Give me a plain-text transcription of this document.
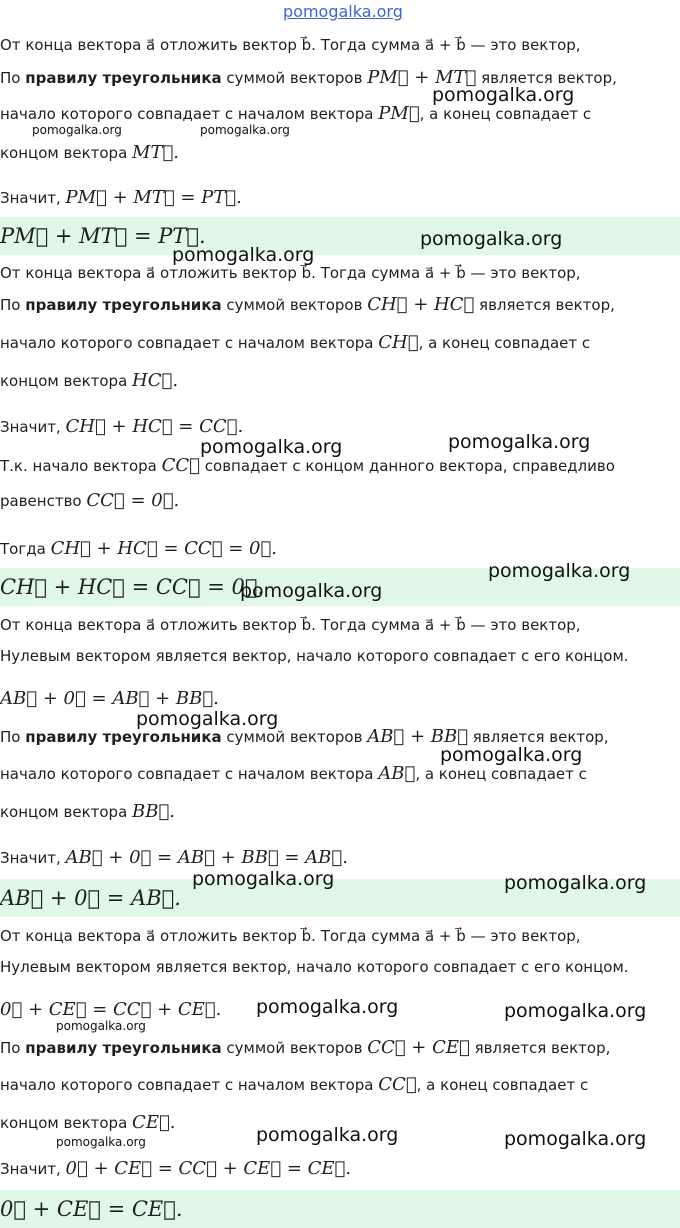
От конца вектора a⃗ отложить вектор b⃗. Тогда сумма a⃗ + b⃗ — это вектор,
По правилу треугольника суммой векторов PM⃗ + MT⃗ является вектор,
начало которого совпадает с началом вектора PM⃗, а конец совпадает с
концом вектора MT⃗.
Значит, PM⃗ + MT⃗ = PT⃗.
PM⃗ + MT⃗ = PT⃗.
От конца вектора a⃗ отложить вектор b⃗. Тогда сумма a⃗ + b⃗ — это вектор,
По правилу треугольника суммой векторов CH⃗ + HC⃗ является вектор,
начало которого совпадает с началом вектора CH⃗, а конец совпадает с
концом вектора HC⃗.
Значит, CH⃗ + HC⃗ = CC⃗.
Т.к. начало вектора CC⃗ совпадает с концом данного вектора, справедливо
равенство CC⃗ = 0⃗.
Тогда CH⃗ + HC⃗ = CC⃗ = 0⃗.
CH⃗ + HC⃗ = CC⃗ = 0⃗.
От конца вектора a⃗ отложить вектор b⃗. Тогда сумма a⃗ + b⃗ — это вектор,
Нулевым вектором является вектор, начало которого совпадает с его концом.
AB⃗ + 0⃗ = AB⃗ + BB⃗.
По правилу треугольника суммой векторов AB⃗ + BB⃗ является вектор,
начало которого совпадает с началом вектора AB⃗, а конец совпадает с
концом вектора BB⃗.
Значит, AB⃗ + 0⃗ = AB⃗ + BB⃗ = AB⃗.
AB⃗ + 0⃗ = AB⃗.
От конца вектора a⃗ отложить вектор b⃗. Тогда сумма a⃗ + b⃗ — это вектор,
Нулевым вектором является вектор, начало которого совпадает с его концом.
0⃗ + CE⃗ = CC⃗ + CE⃗.
По правилу треугольника суммой векторов CC⃗ + CE⃗ является вектор,
начало которого совпадает с началом вектора CC⃗, а конец совпадает с
концом вектора CE⃗.
Значит, 0⃗ + CE⃗ = CC⃗ + CE⃗ = CE⃗.
0⃗ + CE⃗ = CE⃗.
pomogalka.org
pomogalka.org
pomogalka.org	pomogalka.org
pomogalka.org
pomogalka.org
pomogalka.org	pomogalka.org
pomogalka.org
pomogalka.org
pomogalka.org
pomogalka.org
pomogalka.org	pomogalka.org
pomogalka.org	pomogalka.org
pomogalka.org
pomogalka.org	pomogalka.org
pomogalka.org
